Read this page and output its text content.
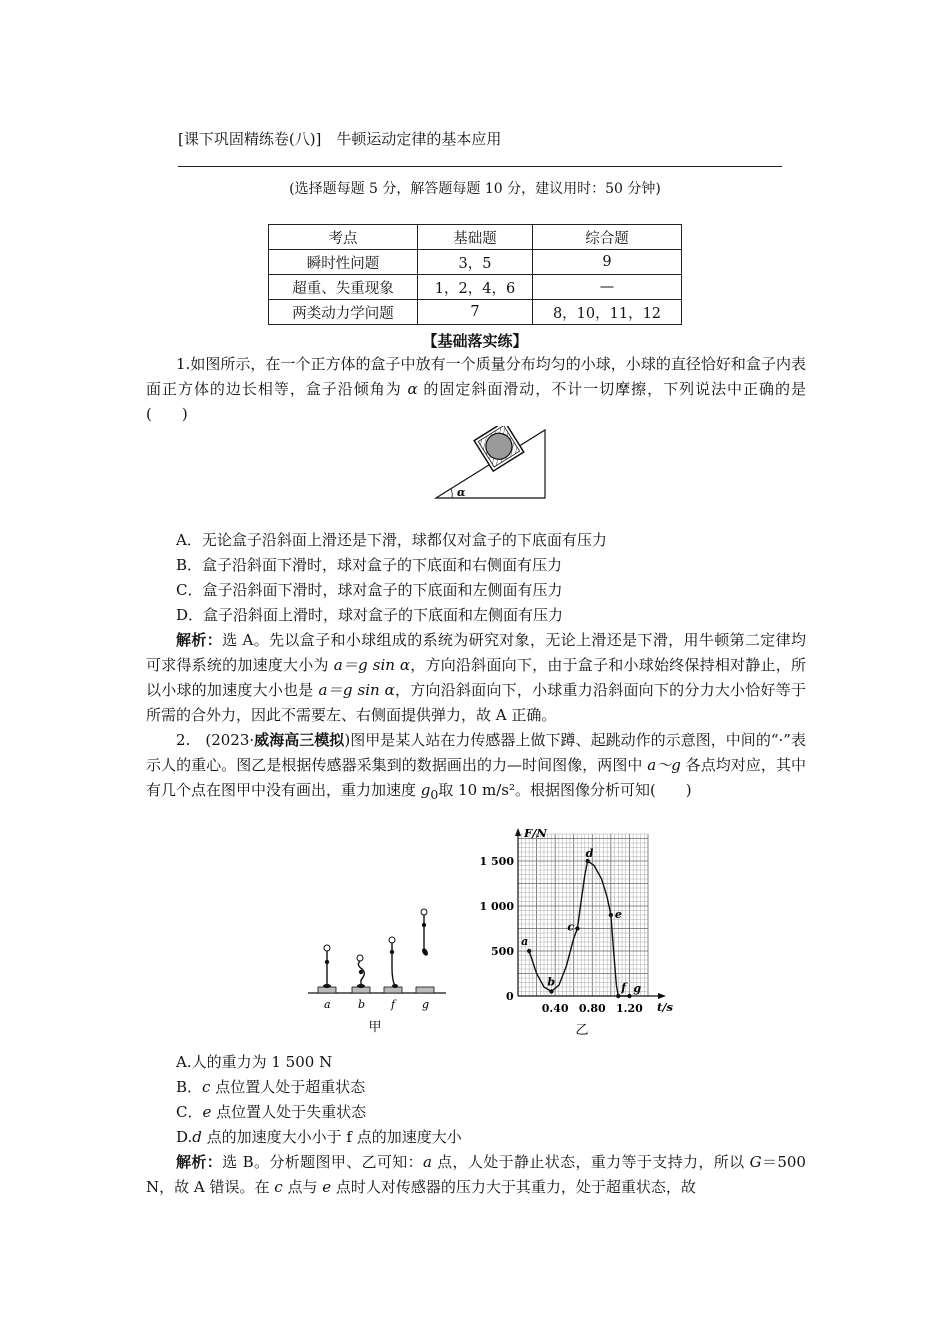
[课下巩固精练卷(八)]　牛顿运动定律的基本应用
(选择题每题 5 分，解答题每题 10 分，建议用时：50 分钟)
考点	基础题	综合题
瞬时性问题	3，5	9
超重、失重现象	1，2，4，6	—
两类动力学问题	7	8，10，11，12
【基础落实练】
1.如图所示，在一个正方体的盒子中放有一个质量分布均匀的小球，小球的直径恰好和盒子内表面正方体的边长相等，盒子沿倾角为 α 的固定斜面滑动，不计一切摩擦，下列说法中正确的是(　　)
α
A．无论盒子沿斜面上滑还是下滑，球都仅对盒子的下底面有压力
B．盒子沿斜面下滑时，球对盒子的下底面和右侧面有压力
C．盒子沿斜面下滑时，球对盒子的下底面和左侧面有压力
D．盒子沿斜面上滑时，球对盒子的下底面和左侧面有压力
解析：选 A。先以盒子和小球组成的系统为研究对象，无论上滑还是下滑，用牛顿第二定律均可求得系统的加速度大小为 a＝g sin α，方向沿斜面向下，由于盒子和小球始终保持相对静止，所以小球的加速度大小也是 a＝g sin α，方向沿斜面向下，小球重力沿斜面向下的分力大小恰好等于所需的合外力，因此不需要左、右侧面提供弹力，故 A 正确。
2.　(2023·威海高三模拟)图甲是某人站在力传感器上做下蹲、起跳动作的示意图，中间的“·”表示人的重心。图乙是根据传感器采集到的数据画出的力—时间图像，两图中 a～g 各点均对应，其中有几个点在图甲中没有画出，重力加速度 $g_0$取 10 m/s²。根据图像分析可知(　　)
a b f g
甲
F/N
t/s
0
500
1 000
1 500
0.40 0.80 1.20
a
b
c
d
e
f g
乙
A.人的重力为 1 500 N
B．c 点位置人处于超重状态
C．e 点位置人处于失重状态
D.d 点的加速度大小小于 f 点的加速度大小
解析：选 B。分析题图甲、乙可知：a 点，人处于静止状态，重力等于支持力，所以 G＝500 N，故 A 错误。在 c 点与 e 点时人对传感器的压力大于其重力，处于超重状态，故
